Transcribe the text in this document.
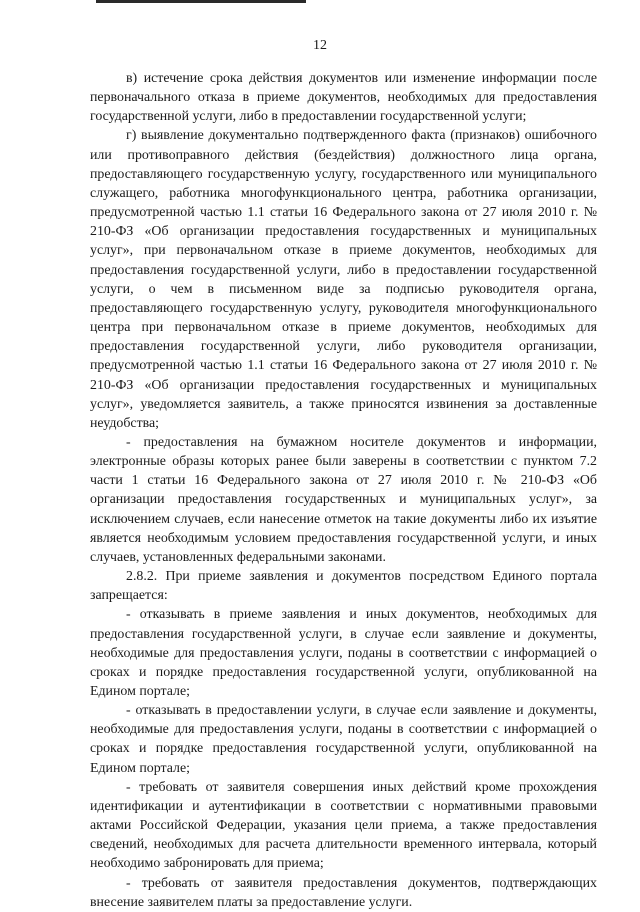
12

в) истечение срока действия документов или изменение информации после первоначального отказа в приеме документов, необходимых для предоставления государственной услуги, либо в предоставлении государственной услуги;

г) выявление документально подтвержденного факта (признаков) ошибочного или противоправного действия (бездействия) должностного лица органа, предоставляющего государственную услугу, государственного или муниципального служащего, работника многофункционального центра, работника организации, предусмотренной частью 1.1 статьи 16 Федерального закона от 27 июля 2010 г. № 210-ФЗ «Об организации предоставления государственных и муниципальных услуг», при первоначальном отказе в приеме документов, необходимых для предоставления государственной услуги, либо в предоставлении государственной услуги, о чем в письменном виде за подписью руководителя органа, предоставляющего государственную услугу, руководителя многофункционального центра при первоначальном отказе в приеме документов, необходимых для предоставления государственной услуги, либо руководителя организации, предусмотренной частью 1.1 статьи 16 Федерального закона от 27 июля 2010 г. № 210-ФЗ «Об организации предоставления государственных и муниципальных услуг», уведомляется заявитель, а также приносятся извинения за доставленные неудобства;

- предоставления на бумажном носителе документов и информации, электронные образы которых ранее были заверены в соответствии с пунктом 7.2 части 1 статьи 16 Федерального закона от 27 июля 2010 г. № 210-ФЗ «Об организации предоставления государственных и муниципальных услуг», за исключением случаев, если нанесение отметок на такие документы либо их изъятие является необходимым условием предоставления государственной услуги, и иных случаев, установленных федеральными законами.

2.8.2. При приеме заявления и документов посредством Единого портала запрещается:

- отказывать в приеме заявления и иных документов, необходимых для предоставления государственной услуги, в случае если заявление и документы, необходимые для предоставления услуги, поданы в соответствии с информацией о сроках и порядке предоставления государственной услуги, опубликованной на Едином портале;

- отказывать в предоставлении услуги, в случае если заявление и документы, необходимые для предоставления услуги, поданы в соответствии с информацией о сроках и порядке предоставления государственной услуги, опубликованной на Едином портале;

- требовать от заявителя совершения иных действий кроме прохождения идентификации и аутентификации в соответствии с нормативными правовыми актами Российской Федерации, указания цели приема, а также предоставления сведений, необходимых для расчета длительности временного интервала, который необходимо забронировать для приема;

- требовать от заявителя предоставления документов, подтверждающих внесение заявителем платы за предоставление услуги.
